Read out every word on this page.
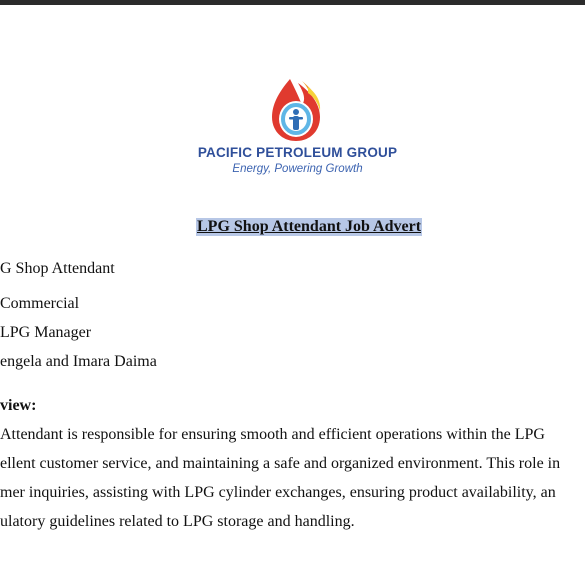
PACIFIC PETROLEUM GROUP
Energy, Powering Growth
LPG Shop Attendant Job Advert
G Shop Attendant
Commercial
LPG Manager
engela and Imara Daima
view:
Attendant is responsible for ensuring smooth and efficient operations within the LPG
ellent customer service, and maintaining a safe and organized environment. This role in
mer inquiries, assisting with LPG cylinder exchanges, ensuring product availability, an
ulatory guidelines related to LPG storage and handling.
